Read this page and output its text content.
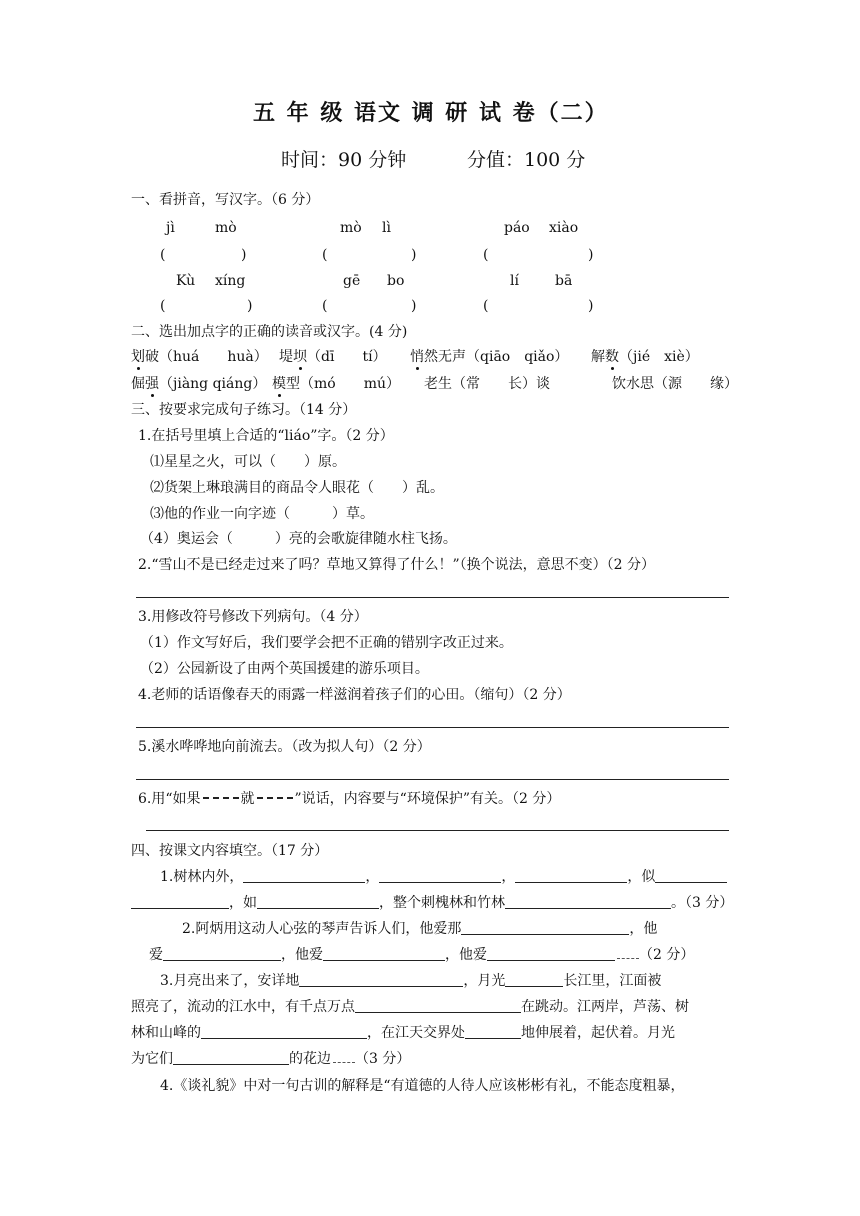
五 年 级 语文 调 研 试 卷（二）
时间：90 分钟	分值：100 分
一、看拼音，写汉字。（6 分）
jì	mò	mò lì	páo xiào
(	)	(	)	(	)
Kù xíng	gē bo	lí	bā
(	)	(	)	(	)
二、选出加点字的正确的读音或汉字。(4 分)
划破（huá　　huà） 堤坝（dī　　tí） 悄然无声（qiāo　qiǎo） 解数（jié　xiè）
倔强（jiàng qiáng） 模型（mó　　mú） 老生（常　　长）谈	饮水思（源　　缘）
三、按要求完成句子练习。（14 分）
1.在括号里填上合适的“liáo”字。（2 分）
⑴星星之火，可以（　　）原。
⑵货架上琳琅满目的商品令人眼花（　　）乱。
⑶他的作业一向字迹（　　　）草。
（4）奥运会（　　　）亮的会歌旋律随水柱飞扬。
2.“雪山不是已经走过来了吗？草地又算得了什么！”（换个说法，意思不变）（2 分）
3.用修改符号修改下列病句。（4 分）
（1）作文写好后，我们要学会把不正确的错别字改正过来。
（2）公园新设了由两个英国援建的游乐项目。
4.老师的话语像春天的雨露一样滋润着孩子们的心田。（缩句）（2 分）
5.溪水哗哗地向前流去。（改为拟人句）（2 分）
6.用“如果	就	”说话，内容要与“环境保护”有关。（2 分）
四、按课文内容填空。（17 分）
1.树林内外，	，	，	，似
，如	，整个刺槐林和竹林	。（3 分）
2.阿炳用这动人心弦的琴声告诉人们，他爱那	，他
爱	，他爱	，他爱	（2 分）
3.月亮出来了，安详地	，月光	长江里，江面被
照亮了，流动的江水中，有千点万点	在跳动。江两岸，芦荡、树
林和山峰的	，在江天交界处	地伸展着，起伏着。月光
为它们	的花边 （3 分）
4.《谈礼貌》中对一句古训的解释是“有道德的人待人应该彬彬有礼，不能态度粗暴，
